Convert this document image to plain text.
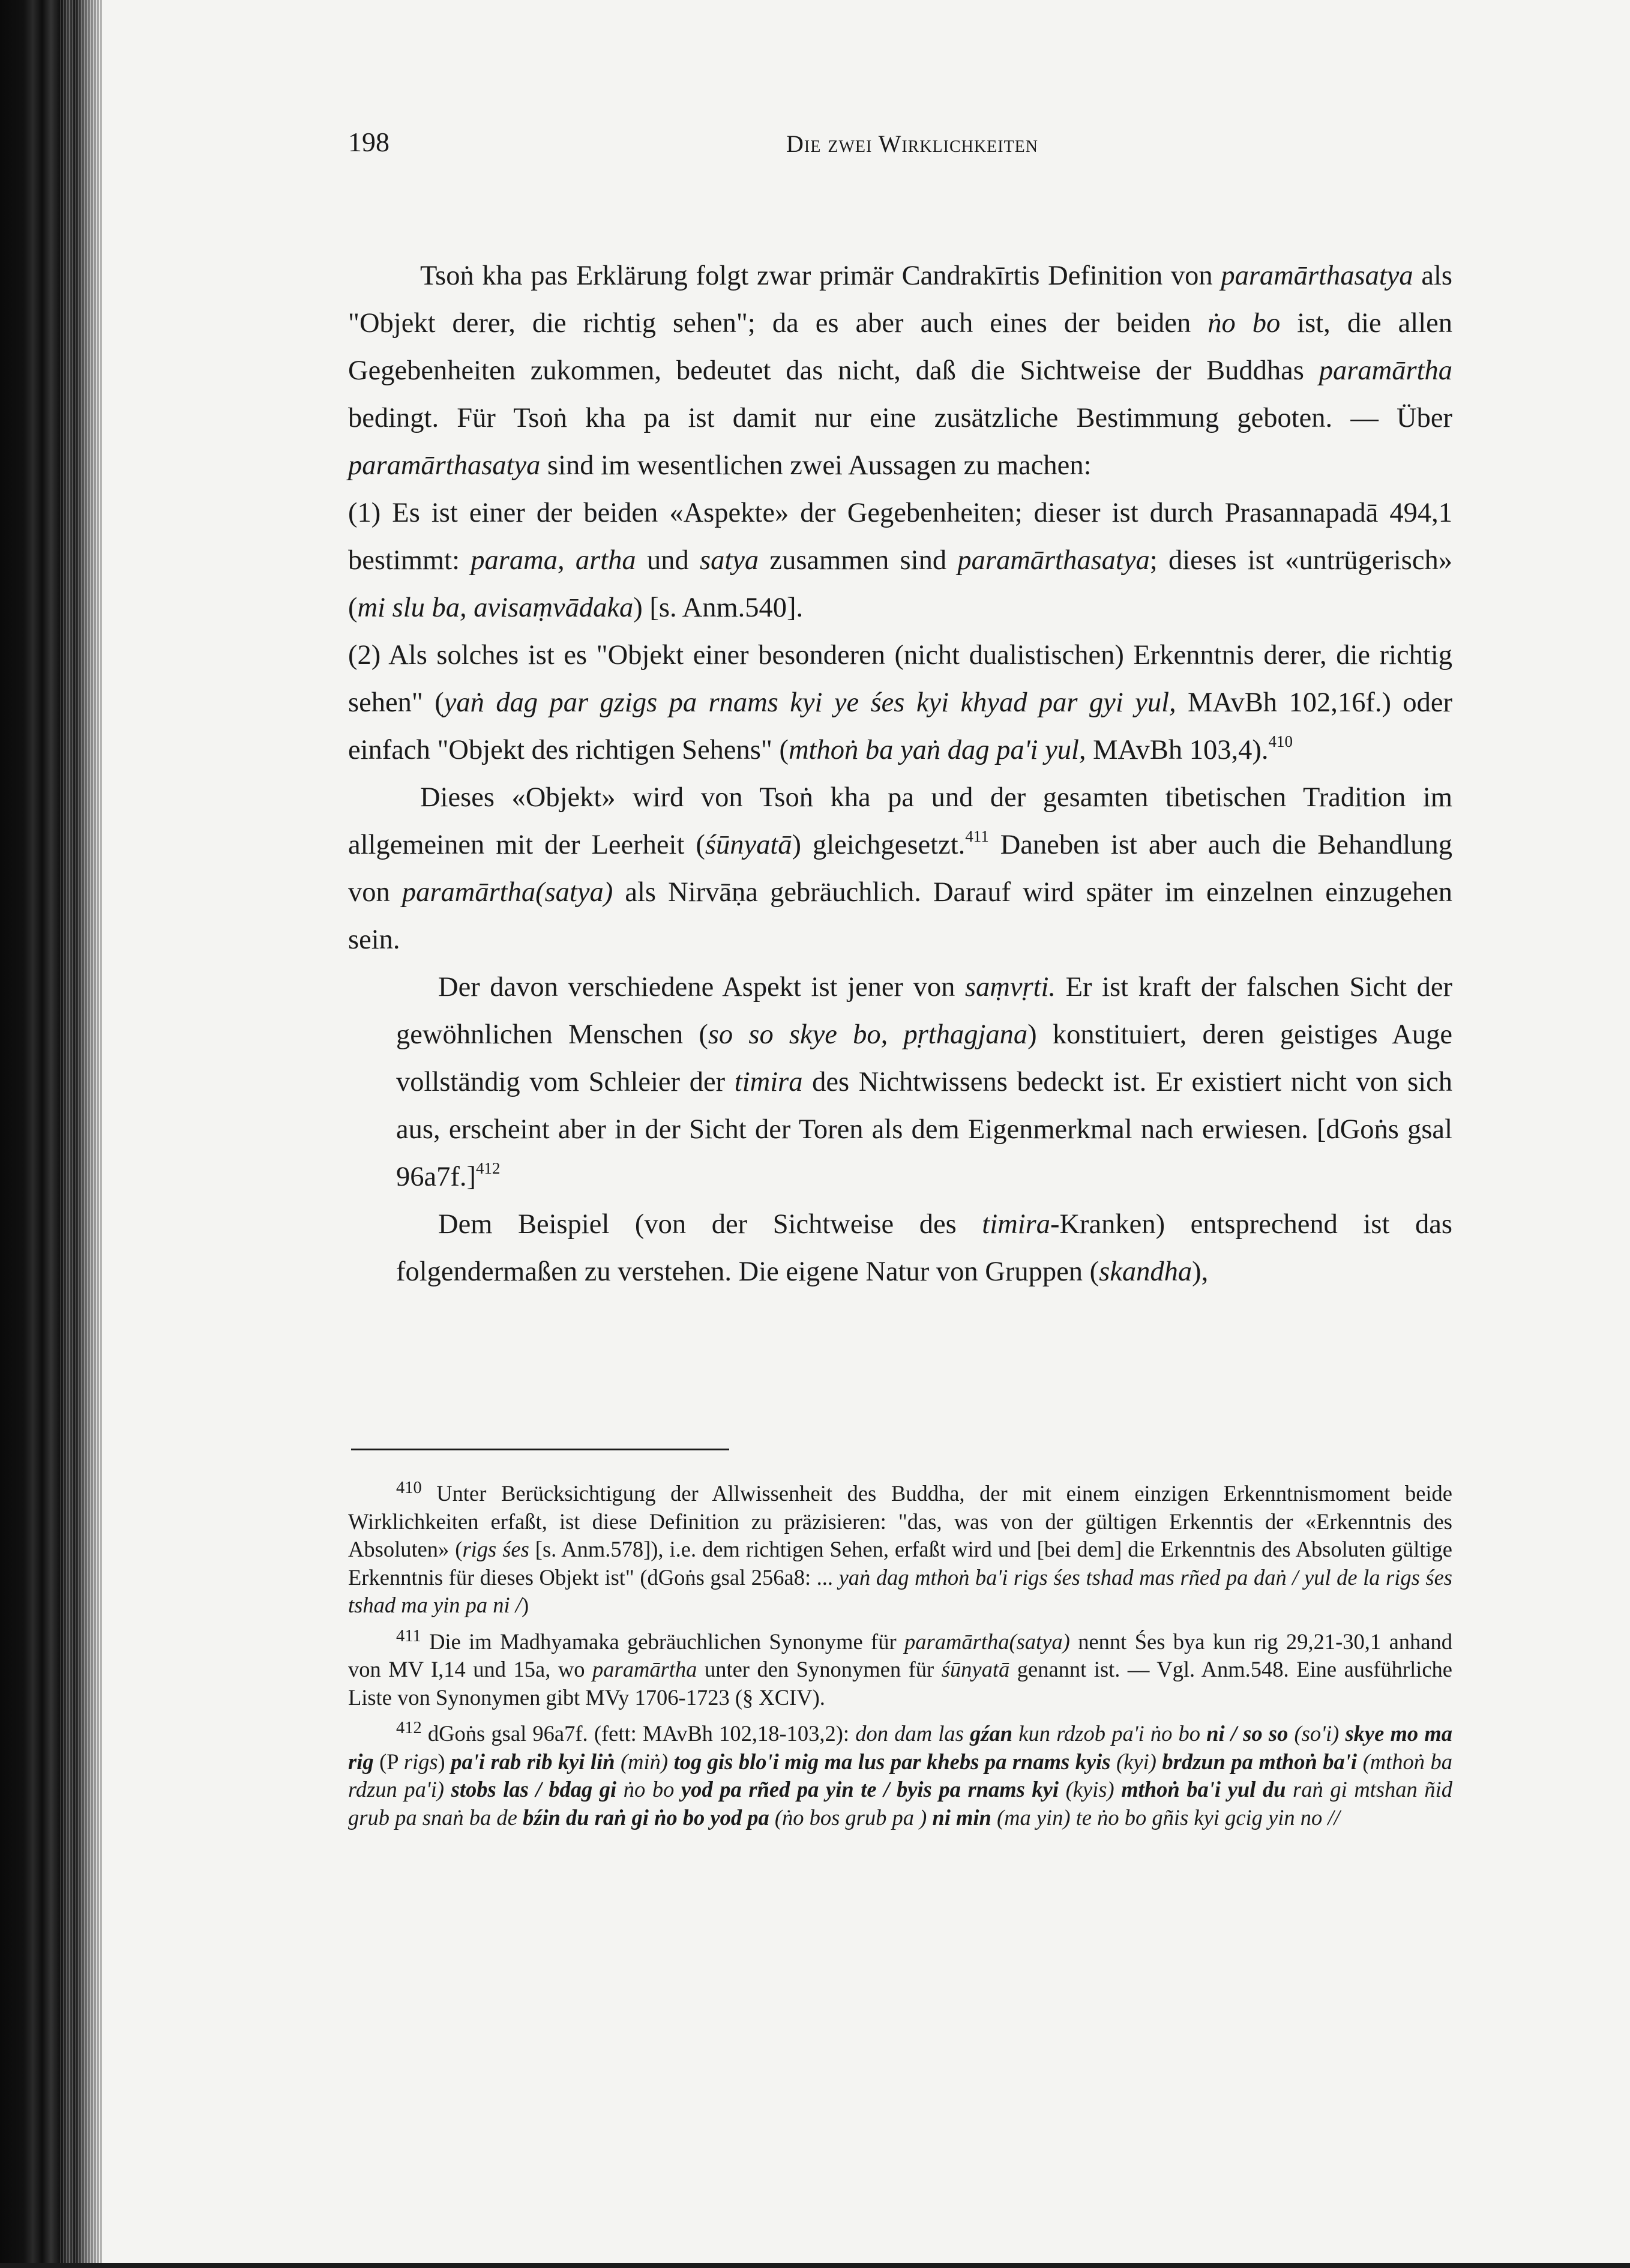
198	Die zwei Wirklichkeiten

Tsoṅ kha pas Erklärung folgt zwar primär Candrakīrtis Definition von paramārthasatya als "Objekt derer, die richtig sehen"; da es aber auch eines der beiden ṅo bo ist, die allen Gegebenheiten zukommen, bedeutet das nicht, daß die Sichtweise der Buddhas paramārtha bedingt. Für Tsoṅ kha pa ist damit nur eine zusätzliche Bestimmung geboten. — Über paramārthasatya sind im wesentlichen zwei Aussagen zu machen:

(1) Es ist einer der beiden «Aspekte» der Gegebenheiten; dieser ist durch Prasannapadā 494,1 bestimmt: parama, artha und satya zusammen sind paramārthasatya; dieses ist «untrügerisch» (mi slu ba, avisaṃvādaka) [s. Anm.540].

(2) Als solches ist es "Objekt einer besonderen (nicht dualistischen) Erkenntnis derer, die richtig sehen" (yaṅ dag par gzigs pa rnams kyi ye śes kyi khyad par gyi yul, MAvBh 102,16f.) oder einfach "Objekt des richtigen Sehens" (mthoṅ ba yaṅ dag pa'i yul, MAvBh 103,4).$^{410}$

Dieses «Objekt» wird von Tsoṅ kha pa und der gesamten tibetischen Tradition im allgemeinen mit der Leerheit (śūnyatā) gleichgesetzt.$^{411}$ Daneben ist aber auch die Behandlung von paramārtha(satya) als Nirvāṇa gebräuchlich. Darauf wird später im einzelnen einzugehen sein.

Der davon verschiedene Aspekt ist jener von saṃvṛti. Er ist kraft der falschen Sicht der gewöhnlichen Menschen (so so skye bo, pṛthagjana) konstituiert, deren geistiges Auge vollständig vom Schleier der timira des Nichtwissens bedeckt ist. Er existiert nicht von sich aus, erscheint aber in der Sicht der Toren als dem Eigenmerkmal nach erwiesen. [dGoṅs gsal 96a7f.]$^{412}$

Dem Beispiel (von der Sichtweise des timira-Kranken) entsprechend ist das folgendermaßen zu verstehen. Die eigene Natur von Gruppen (skandha),

$^{410}$ Unter Berücksichtigung der Allwissenheit des Buddha, der mit einem einzigen Erkenntnismoment beide Wirklichkeiten erfaßt, ist diese Definition zu präzisieren: "das, was von der gültigen Erkenntis der «Erkenntnis des Absoluten» (rigs śes [s. Anm.578]), i.e. dem richtigen Sehen, erfaßt wird und [bei dem] die Erkenntnis des Absoluten gültige Erkenntnis für dieses Objekt ist" (dGoṅs gsal 256a8: ... yaṅ dag mthoṅ ba'i rigs śes tshad mas rñed pa daṅ / yul de la rigs śes tshad ma yin pa ni /)

$^{411}$ Die im Madhyamaka gebräuchlichen Synonyme für paramārtha(satya) nennt Śes bya kun rig 29,21-30,1 anhand von MV I,14 und 15a, wo paramārtha unter den Synonymen für śūnyatā genannt ist. — Vgl. Anm.548. Eine ausführliche Liste von Synonymen gibt MVy 1706-1723 (§ XCIV).

$^{412}$ dGoṅs gsal 96a7f. (fett: MAvBh 102,18-103,2): don dam las gźan kun rdzob pa'i ṅo bo ni / so so (so'i) skye mo ma rig (P rigs) pa'i rab rib kyi liṅ (miṅ) tog gis blo'i mig ma lus par khebs pa rnams kyis (kyi) brdzun pa mthoṅ ba'i (mthoṅ ba rdzun pa'i) stobs las / bdag gi ṅo bo yod pa rñed pa yin te / byis pa rnams kyi (kyis) mthoṅ ba'i yul du raṅ gi mtshan ñid grub pa snaṅ ba de bźin du raṅ gi ṅo bo yod pa (ṅo bos grub pa ) ni min (ma yin) te ṅo bo gñis kyi gcig yin no //
